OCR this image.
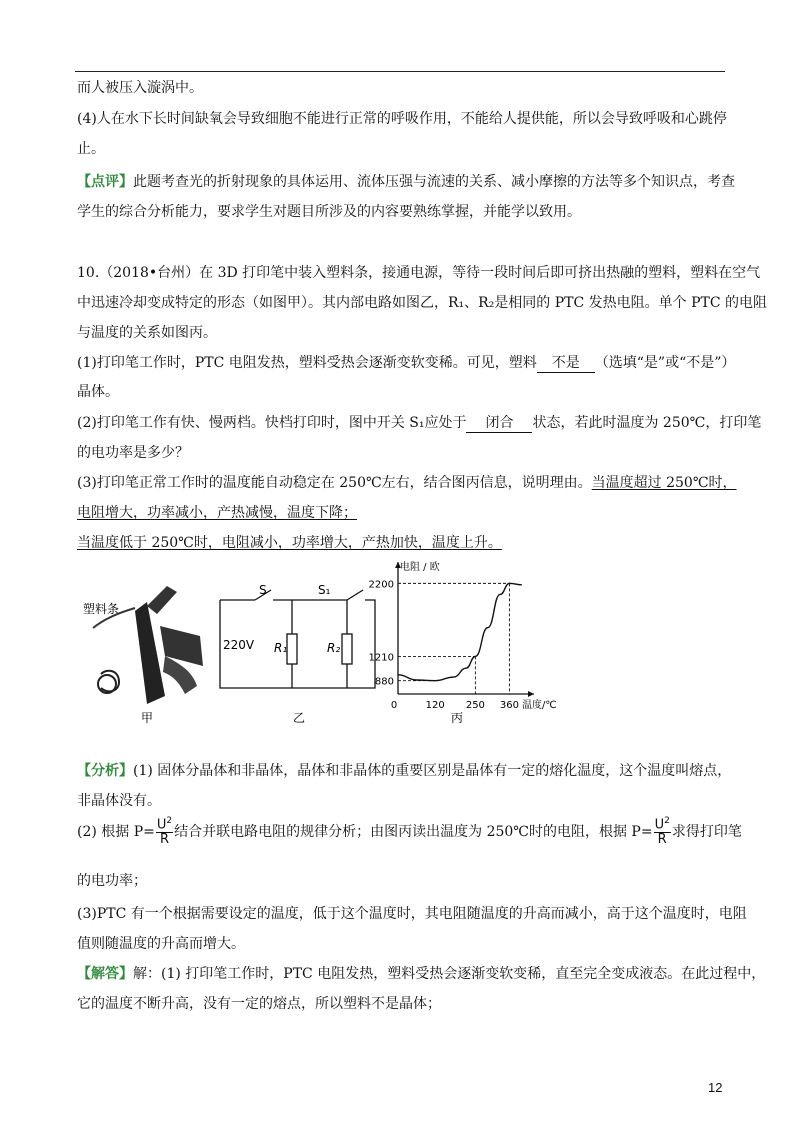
而人被压入漩涡中。
(4)人在水下长时间缺氧会导致细胞不能进行正常的呼吸作用，不能给人提供能，所以会导致呼吸和心跳停
止。
【点评】此题考查光的折射现象的具体运用、流体压强与流速的关系、减小摩擦的方法等多个知识点，考查
学生的综合分析能力，要求学生对题目所涉及的内容要熟练掌握，并能学以致用。
10.（2018•台州）在 3D 打印笔中装入塑料条，接通电源，等待一段时间后即可挤出热融的塑料，塑料在空气
中迅速冷却变成特定的形态（如图甲）。其内部电路如图乙，R₁、R₂是相同的 PTC 发热电阻。单个 PTC 的电阻
与温度的关系如图丙。
(1)打印笔工作时，PTC 电阻发热，塑料受热会逐渐变软变稀。可见，塑料 不是 （选填“是”或“不是”）
晶体。
(2)打印笔工作有快、慢两档。快档打印时，图中开关 S₁应处于 闭合 状态，若此时温度为 250℃，打印笔
的电功率是多少？
(3)打印笔正常工作时的温度能自动稳定在 250℃左右，结合图丙信息，说明理由。当温度超过 250℃时，
电阻增大，功率减小，产热减慢，温度下降；
当温度低于 250℃时，电阻减小，功率增大，产热加快，温度上升。
塑料条
甲
220V
S	S₁
R₁	R₂
乙
880
1210
2200
0	120 250 360 温度/℃
电阻 / 欧
丙
【分析】(1) 固体分晶体和非晶体，晶体和非晶体的重要区别是晶体有一定的熔化温度，这个温度叫熔点，
非晶体没有。
(2) 根据 $P= \frac{U^2}{R}$ 结合并联电路电阻的规律分析；由图丙读出温度为 250℃时的电阻，根据 $P= \frac{U^2}{R}$ 求得打印笔
的电功率；
(3)PTC 有一个根据需要设定的温度，低于这个温度时，其电阻随温度的升高而减小，高于这个温度时，电阻
值则随温度的升高而增大。
【解答】解：(1) 打印笔工作时，PTC 电阻发热，塑料受热会逐渐变软变稀，直至完全变成液态。在此过程中，
它的温度不断升高，没有一定的熔点，所以塑料不是晶体；
12
